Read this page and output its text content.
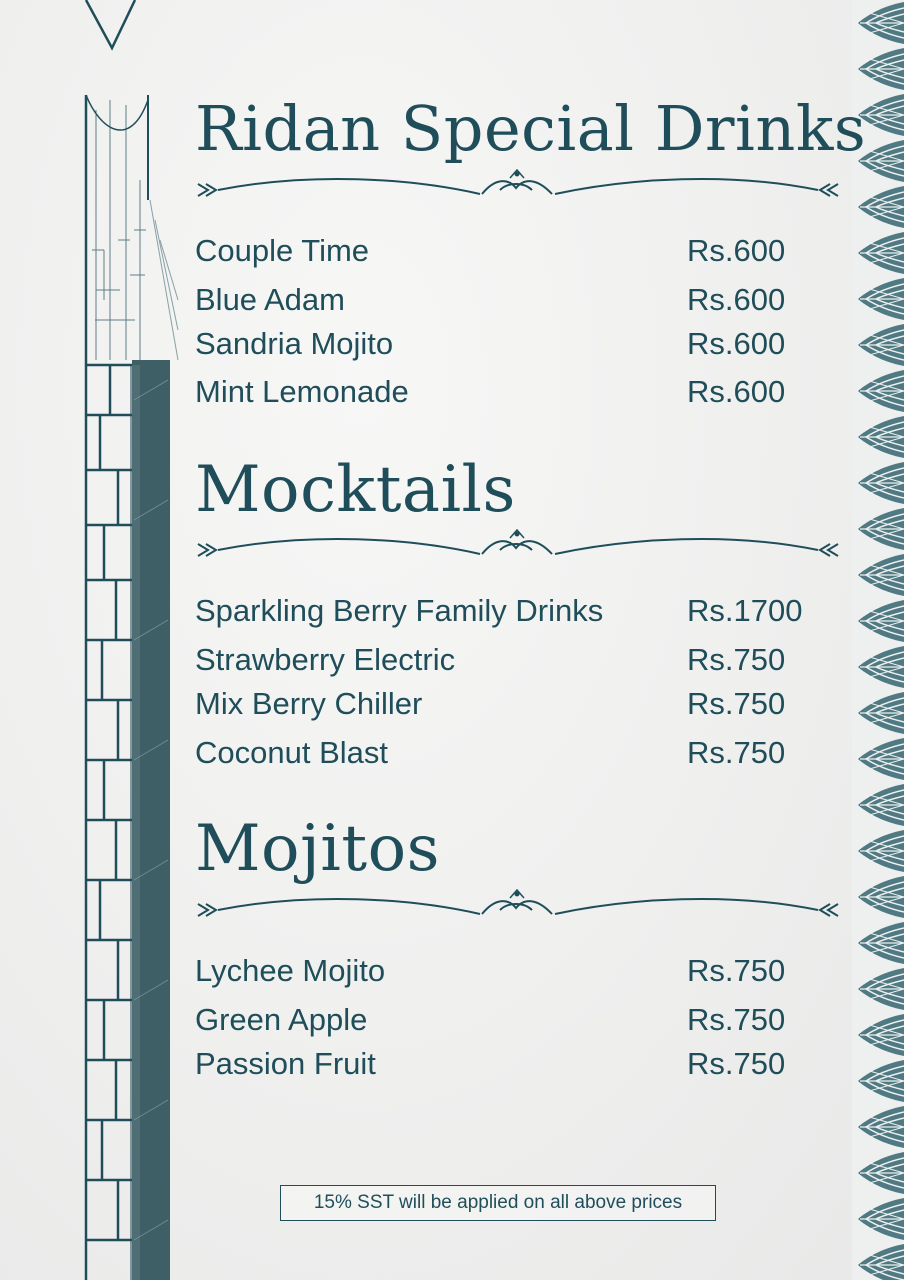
Ridan Special Drinks
Couple Time	Rs.600
Blue Adam	Rs.600
Sandria Mojito	Rs.600
Mint Lemonade	Rs.600
Mocktails
Sparkling Berry Family Drinks	Rs.1700
Strawberry Electric	Rs.750
Mix Berry Chiller	Rs.750
Coconut Blast	Rs.750
Mojitos
Lychee Mojito	Rs.750
Green Apple	Rs.750
Passion Fruit	Rs.750
15% SST will be applied on all above prices
